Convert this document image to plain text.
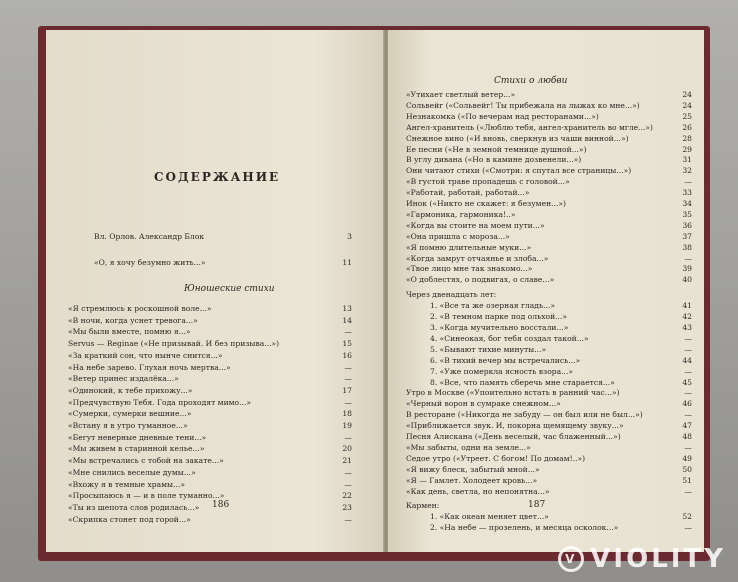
СОДЕРЖАНИЕ
Вл. Орлов. Александр Блок	3
«О, я хочу безумно жить...»	11
Юношеские стихи
«Я стремлюсь к роскошной воле...»	13
«В ночи, когда уснет тревога...»	14
«Мы были вместе, помню я...»	—
Servus — Reginae («Не призывай. И без призыва...»)	15
«За краткий сон, что нынче снится...»	16
«На небе зарево. Глухая ночь мертва...»	—
«Ветер принес издалёка...»	—
«Одинокий, к тебе прихожу...»	17
«Предчувствую Тебя. Года проходят мимо...»	—
«Сумерки, сумерки вешние...»	18
«Встану я в утро туманное...»	19
«Бегут неверные дневные тени...»	—
«Мы живем в старинной келье...»	20
«Мы встречались с тобой на закате...»	21
«Мне снились веселые думы...»	—
«Вхожу я в темные храмы...»	—
«Просыпаюсь я — и в поле туманно...»	22
«Ты из шепота слов родилась...»	23
«Скрипка стонет под горой...»	—
186
Стихи о любви
«Утихает светлый ветер...»	24
Сольвейг («Сольвейг! Ты прибежала на лыжах ко мне...»)	24
Незнакомка («По вечерам над ресторанами...»)	25
Ангел-хранитель («Люблю тебя, ангел-хранитель во мгле...»)	26
Снежное вино («И вновь, сверкнув из чаши винной...»)	28
Ее песни («Не в земной темнице душной...»)	29
В углу дивана («Но в камине дозвенели...»)	31
Они читают стихи («Смотри: я спутал все страницы...»)	32
«В густой траве пропадешь с головой...»	—
«Работай, работай, работай...»	33
Инок («Никто не скажет: я безумен...»)	34
«Гармоника, гармоника!..»	35
«Когда вы стоите на моем пути...»	36
«Она пришла с мороза...»	37
«Я помню длительные муки...»	38
«Когда замрут отчаянье и злоба...»	—
«Твое лицо мне так знакомо...»	39
«О доблестях, о подвигах, о славе...»	40
Через двенадцать лет:
1. «Все та же озерная гладь...»	41
2. «В темном парке под ольхой...»	42
3. «Когда мучительно восстали...»	43
4. «Синеокая, бог тебя создал такой...»	—
5. «Бывают тихие минуты...»	—
6. «В тихий вечер мы встречались...»	44
7. «Уже померкла ясность взора...»	—
8. «Все, что память сберечь мне старается...»	45
Утро в Москве («Упоительно встать в ранний час...»)	—
«Черный ворон в сумраке снежном...»	46
В ресторане («Никогда не забуду — он был или не был...»)	—
«Приближается звук. И, покорна щемящему звуку...»	47
Песня Алискана («День веселый, час блаженный...»)	48
«Мы забыты, одни на земле...»	—
Седое утро («Утреет. С богом! По домам!..»)	49
«Я вижу блеск, забытый мной...»	50
«Я — Гамлет. Холодеет кровь...»	51
«Как день, светла, но непонятна...»	—
Кармен:
1. «Как океан меняет цвет...»	52
2. «На небе — прозелень, и месяца осколок...»	—
187
V VIOLITY
